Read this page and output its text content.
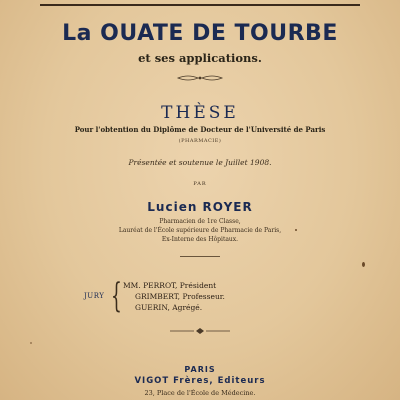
La OUATE DE TOURBE
et ses applications.
THÈSE
Pour l'obtention du Diplôme de Docteur de l'Université de Paris
(PHARMACIE)
Présentée et soutenue le Juillet 1908.
PAR
Lucien ROYER
Pharmacien de 1re Classe,
Lauréat de l'École supérieure de Pharmacie de Paris,
Ex-Interne des Hôpitaux.
JURY { MM. PERROT, Président
GRIMBERT, Professeur.
GUERIN, Agrégé.
PARIS
VIGOT Frères, Editeurs
23, Place de l'École de Médecine.
